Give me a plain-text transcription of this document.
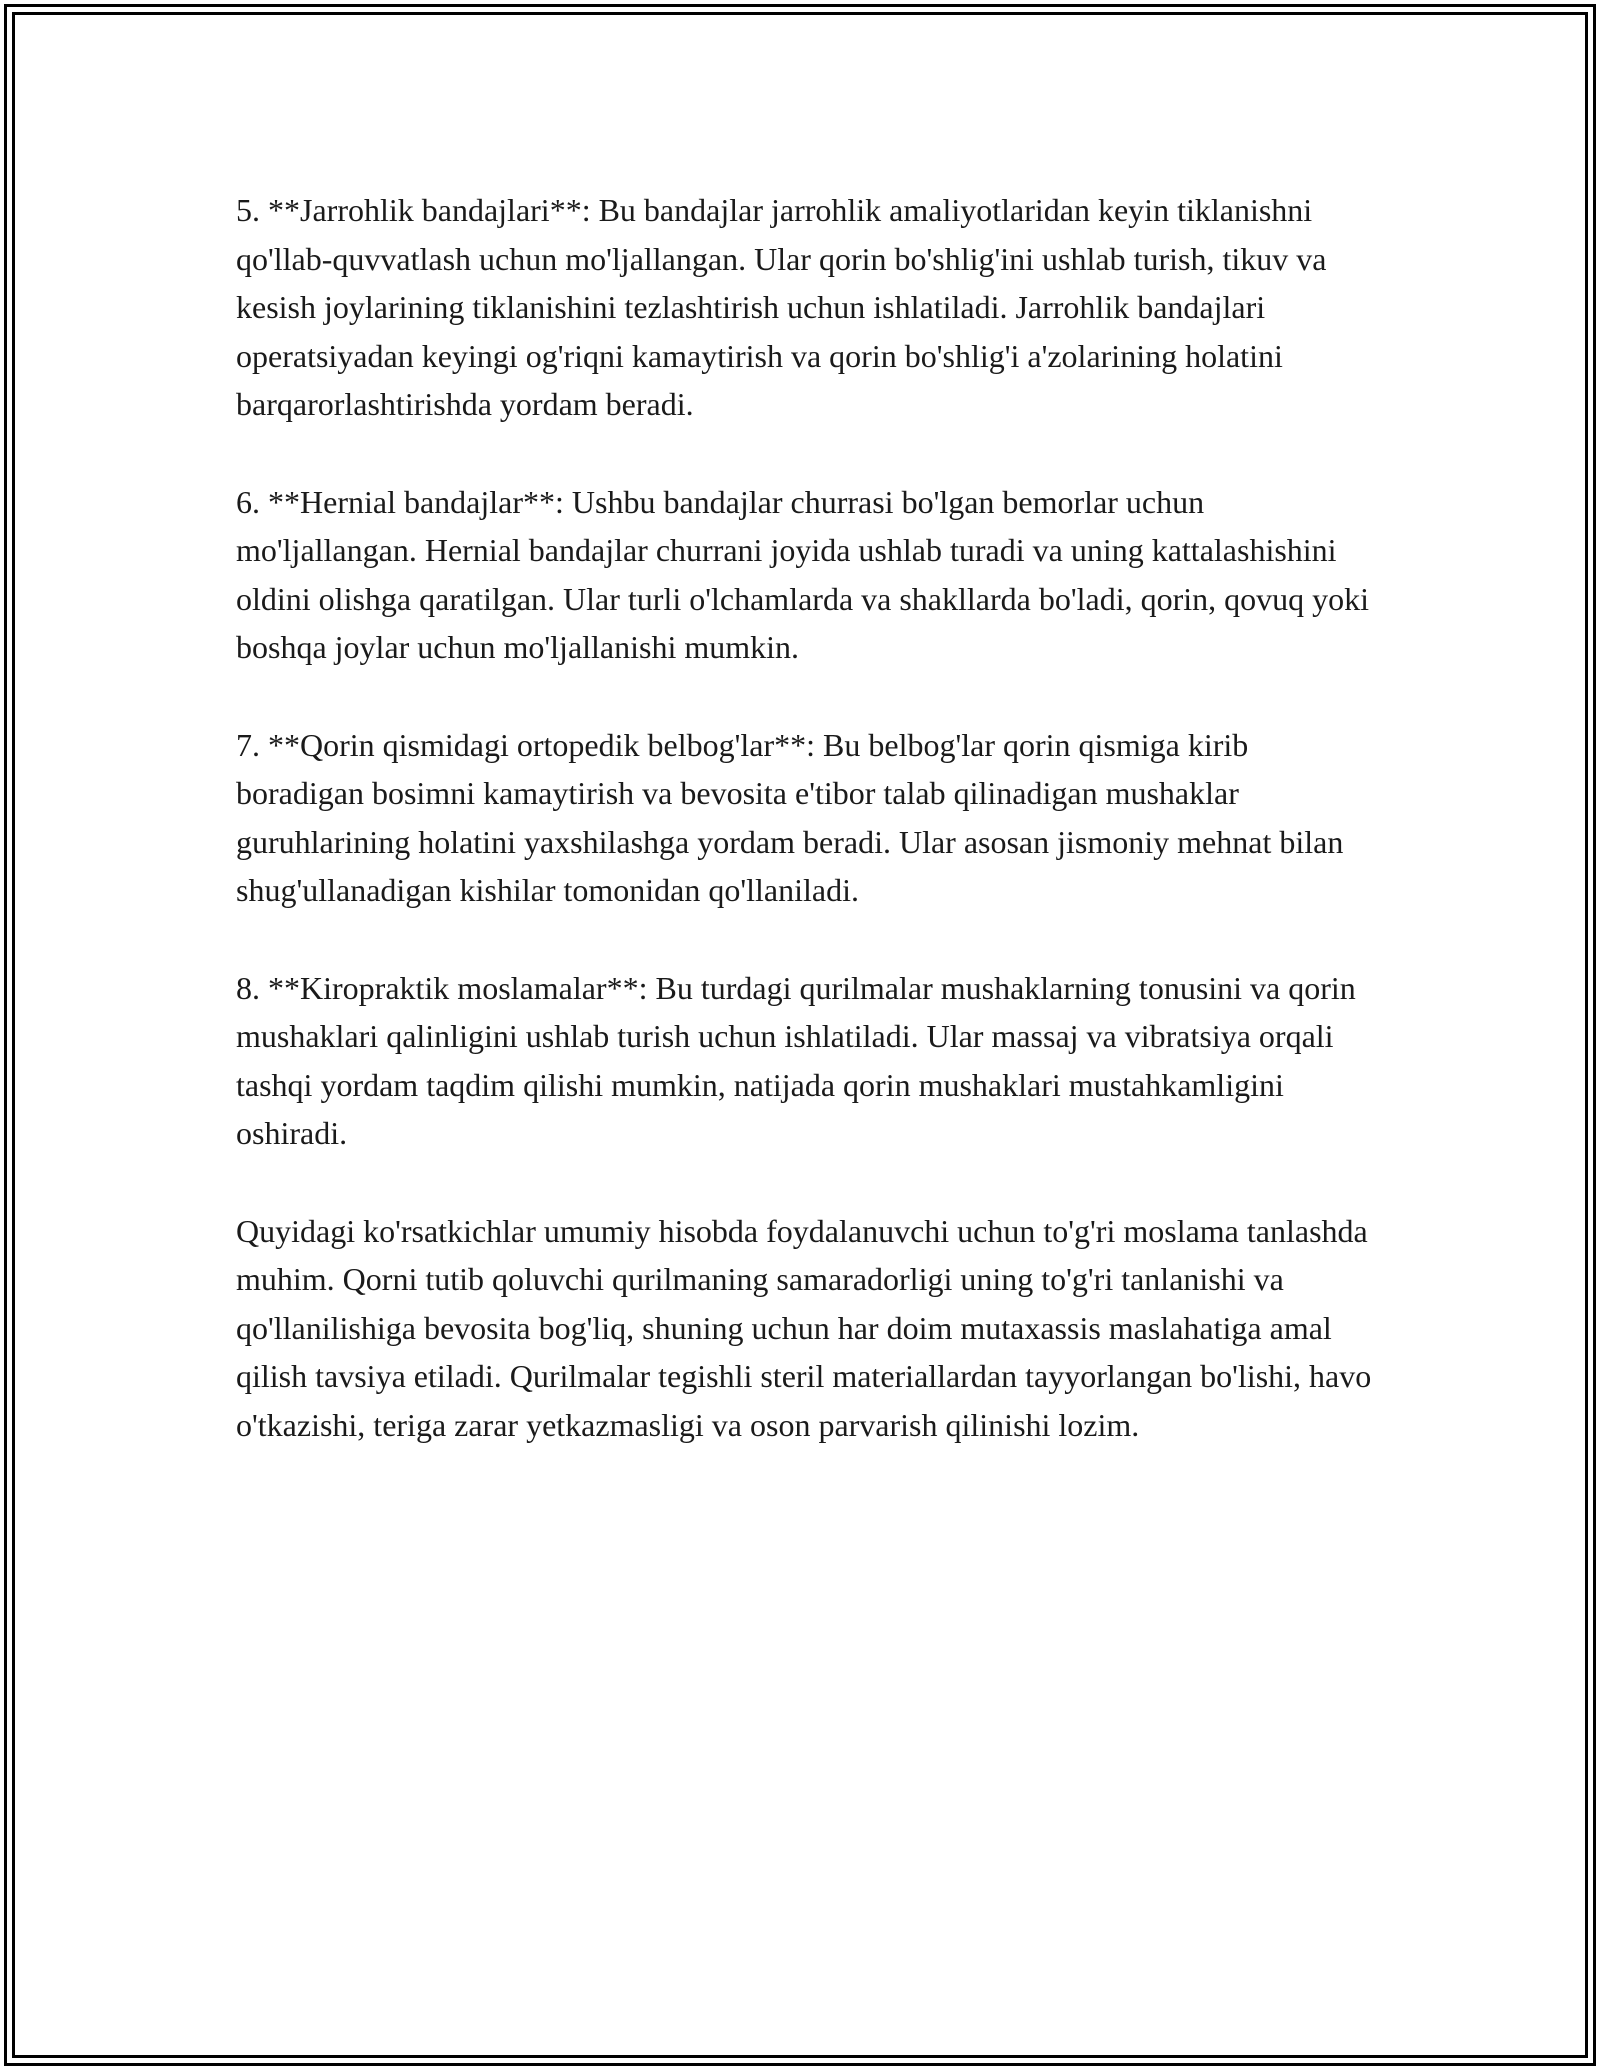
5. **Jarrohlik bandajlari**: Bu bandajlar jarrohlik amaliyotlaridan keyin tiklanishni qo'llab-quvvatlash uchun mo'ljallangan. Ular qorin bo'shlig'ini ushlab turish, tikuv va kesish joylarining tiklanishini tezlashtirish uchun ishlatiladi. Jarrohlik bandajlari operatsiyadan keyingi og'riqni kamaytirish va qorin bo'shlig'i a'zolarining holatini barqarorlashtirishda yordam beradi.

6. **Hernial bandajlar**: Ushbu bandajlar churrasi bo'lgan bemorlar uchun mo'ljallangan. Hernial bandajlar churrani joyida ushlab turadi va uning kattalashishini oldini olishga qaratilgan. Ular turli o'lchamlarda va shakllarda bo'ladi, qorin, qovuq yoki boshqa joylar uchun mo'ljallanishi mumkin.

7. **Qorin qismidagi ortopedik belbog'lar**: Bu belbog'lar qorin qismiga kirib boradigan bosimni kamaytirish va bevosita e'tibor talab qilinadigan mushaklar guruhlarining holatini yaxshilashga yordam beradi. Ular asosan jismoniy mehnat bilan shug'ullanadigan kishilar tomonidan qo'llaniladi.

8. **Kiropraktik moslamalar**: Bu turdagi qurilmalar mushaklarning tonusini va qorin mushaklari qalinligini ushlab turish uchun ishlatiladi. Ular massaj va vibratsiya orqali tashqi yordam taqdim qilishi mumkin, natijada qorin mushaklari mustahkamligini oshiradi.

Quyidagi ko'rsatkichlar umumiy hisobda foydalanuvchi uchun to'g'ri moslama tanlashda muhim. Qorni tutib qoluvchi qurilmaning samaradorligi uning to'g'ri tanlanishi va qo'llanilishiga bevosita bog'liq, shuning uchun har doim mutaxassis maslahatiga amal qilish tavsiya etiladi. Qurilmalar tegishli steril materiallardan tayyorlangan bo'lishi, havo o'tkazishi, teriga zarar yetkazmasligi va oson parvarish qilinishi lozim.
